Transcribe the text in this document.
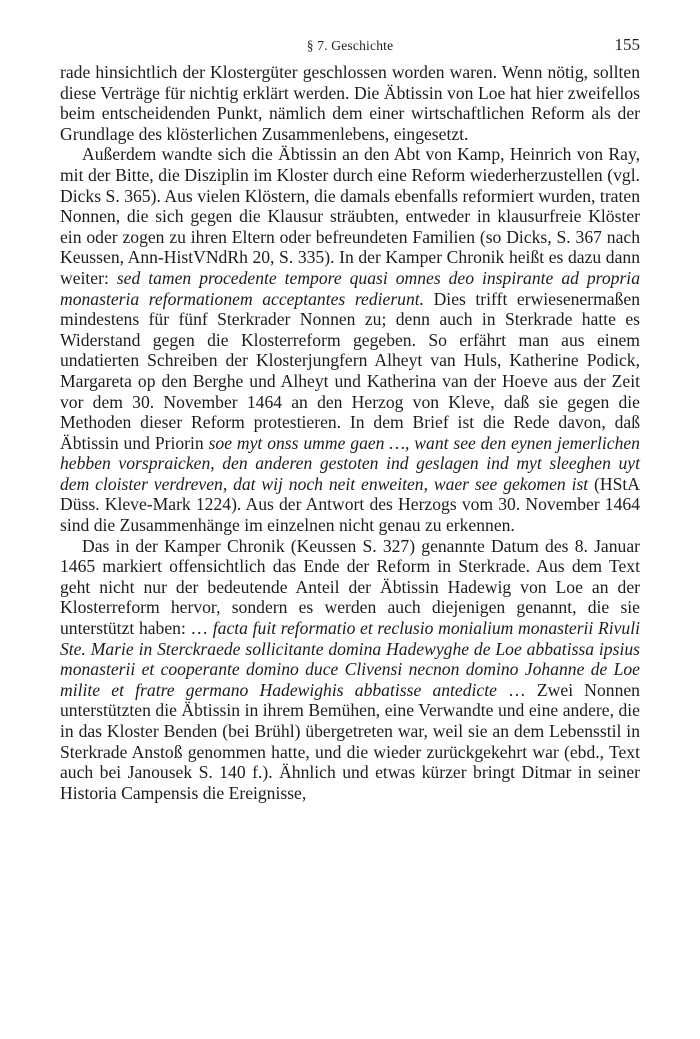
§ 7. Geschichte	155

rade hinsichtlich der Klostergüter geschlossen worden waren. Wenn nötig, sollten diese Verträge für nichtig erklärt werden. Die Äbtissin von Loe hat hier zweifellos beim entscheidenden Punkt, nämlich dem einer wirtschaftlichen Reform als der Grundlage des klösterlichen Zusammenlebens, eingesetzt.

Außerdem wandte sich die Äbtissin an den Abt von Kamp, Heinrich von Ray, mit der Bitte, die Disziplin im Kloster durch eine Reform wiederherzustellen (vgl. Dicks S. 365). Aus vielen Klöstern, die damals ebenfalls reformiert wurden, traten Nonnen, die sich gegen die Klausur sträubten, entweder in klausurfreie Klöster ein oder zogen zu ihren Eltern oder befreundeten Familien (so Dicks, S. 367 nach Keussen, Ann-HistVNdRh 20, S. 335). In der Kamper Chronik heißt es dazu dann weiter: sed tamen procedente tempore quasi omnes deo inspirante ad propria monasteria reformationem acceptantes redierunt. Dies trifft erwiesenermaßen mindestens für fünf Sterkrader Nonnen zu; denn auch in Sterkrade hatte es Widerstand gegen die Klosterreform gegeben. So erfährt man aus einem undatierten Schreiben der Klosterjungfern Alheyt van Huls, Katherine Podick, Margareta op den Berghe und Alheyt und Katherina van der Hoeve aus der Zeit vor dem 30. November 1464 an den Herzog von Kleve, daß sie gegen die Methoden dieser Reform protestieren. In dem Brief ist die Rede davon, daß Äbtissin und Priorin soe myt onss umme gaen …, want see den eynen jemerlichen hebben vorspraicken, den anderen gestoten ind geslagen ind myt sleeghen uyt dem cloister verdreven, dat wij noch neit enweiten, waer see gekomen ist (HStA Düss. Kleve-Mark 1224). Aus der Antwort des Herzogs vom 30. November 1464 sind die Zusammenhänge im einzelnen nicht genau zu erkennen.

Das in der Kamper Chronik (Keussen S. 327) genannte Datum des 8. Januar 1465 markiert offensichtlich das Ende der Reform in Sterkrade. Aus dem Text geht nicht nur der bedeutende Anteil der Äbtissin Hadewig von Loe an der Klosterreform hervor, sondern es werden auch diejenigen genannt, die sie unterstützt haben: … facta fuit reformatio et reclusio monialium monasterii Rivuli Ste. Marie in Sterckraede sollicitante domina Hadewyghe de Loe abbatissa ipsius monasterii et cooperante domino duce Clivensi necnon domino Johanne de Loe milite et fratre germano Hadewighis abbatisse antedicte … Zwei Nonnen unterstützten die Äbtissin in ihrem Bemühen, eine Verwandte und eine andere, die in das Kloster Benden (bei Brühl) übergetreten war, weil sie an dem Lebensstil in Sterkrade Anstoß genommen hatte, und die wieder zurückgekehrt war (ebd., Text auch bei Janousek S. 140 f.). Ähnlich und etwas kürzer bringt Ditmar in seiner Historia Campensis die Ereignisse,
